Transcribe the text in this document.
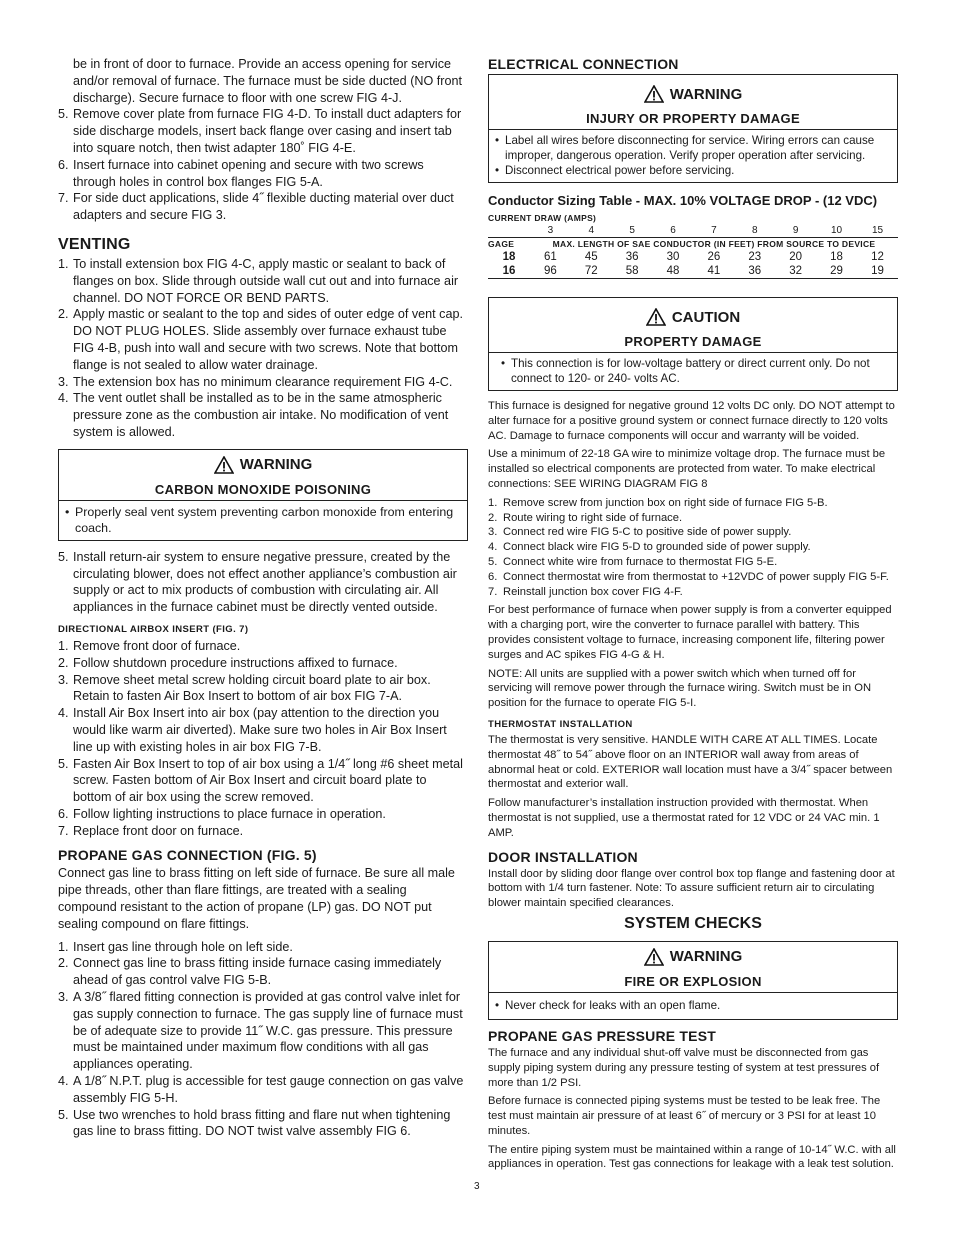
be in front of door to furnace. Provide an access opening for service and/or removal of furnace. The furnace must be side ducted (NO front discharge). Secure furnace to floor with one screw FIG 4-J.

5. Remove cover plate from furnace FIG 4-D. To install duct adapters for side discharge models, insert back flange over casing and insert tab into square notch, then twist adapter 180˚ FIG 4-E.
6. Insert furnace into cabinet opening and secure with two screws through holes in control box flanges FIG 5-A.
7. For side duct applications, slide 4˝ flexible ducting material over duct adapters and secure FIG 3.
VENTING
1. To install extension box FIG 4-C, apply mastic or sealant to back of flanges on box. Slide through outside wall cut out and into furnace air channel. DO NOT FORCE OR BEND PARTS.
2. Apply mastic or sealant to the top and sides of outer edge of vent cap. DO NOT PLUG HOLES. Slide assembly over furnace exhaust tube FIG 4-B, push into wall and secure with two screws. Note that bottom flange is not sealed to allow water drainage.
3. The extension box has no minimum clearance requirement FIG 4-C.
4. The vent outlet shall be installed as to be in the same atmospheric pressure zone as the combustion air intake. No modification of vent system is allowed.
WARNING
CARBON MONOXIDE POISONING
• Properly seal vent system preventing carbon monoxide from entering coach.
5. Install return-air system to ensure negative pressure, created by the circulating blower, does not effect another appliance’s combustion air supply or act to mix products of combustion with circulating air. All appliances in the furnace cabinet must be directly vented outside.
DIRECTIONAL AIRBOX INSERT (FIG. 7)
1. Remove front door of furnace.
2. Follow shutdown procedure instructions affixed to furnace.
3. Remove sheet metal screw holding circuit board plate to air box. Retain to fasten Air Box Insert to bottom of air box FIG 7-A.
4. Install Air Box Insert into air box (pay attention to the direction you would like warm air diverted). Make sure two holes in Air Box Insert line up with existing holes in air box FIG 7-B.
5. Fasten Air Box Insert to top of air box using a 1/4˝ long #6 sheet metal screw. Fasten bottom of Air Box Insert and circuit board plate to bottom of air box using the screw removed.
6. Follow lighting instructions to place furnace in operation.
7. Replace front door on furnace.
PROPANE GAS CONNECTION (FIG. 5)

Connect gas line to brass fitting on left side of furnace. Be sure all male pipe threads, other than flare fittings, are treated with a sealing compound resistant to the action of propane (LP) gas. DO NOT put sealing compound on flare fittings.

1. Insert gas line through hole on left side.
2. Connect gas line to brass fitting inside furnace casing immediately ahead of gas control valve FIG 5-B.
3. A 3/8˝ flared fitting connection is provided at gas control valve inlet for gas supply connection to furnace. The gas supply line of furnace must be of adequate size to provide 11˝ W.C. gas pressure. This pressure must be maintained under maximum flow conditions with all gas appliances operating.
4. A 1/8˝ N.P.T. plug is accessible for test gauge connection on gas valve assembly FIG 5-H.
5. Use two wrenches to hold brass fitting and flare nut when tightening gas line to brass fitting. DO NOT twist valve assembly FIG 6.
ELECTRICAL CONNECTION
WARNING
INJURY OR PROPERTY DAMAGE
• Label all wires before disconnecting for service. Wiring errors can cause improper, dangerous operation. Verify proper operation after servicing.
• Disconnect electrical power before servicing.
Conductor Sizing Table - MAX. 10% VOLTAGE DROP - (12 VDC)
CURRENT DRAW (AMPS)									
	3	4	5	6	7	8	9	10	15
GAGE	MAX. LENGTH OF SAE CONDUCTOR (IN FEET) FROM SOURCE TO DEVICE								
18	61	45	36	30	26	23	20	18	12
16	96	72	58	48	41	36	32	29	19
CAUTION
PROPERTY DAMAGE
• This connection is for low-voltage battery or direct current only. Do not connect to 120- or 240- volts AC.

This furnace is designed for negative ground 12 volts DC only. DO NOT attempt to alter furnace for a positive ground system or connect furnace directly to 120 volts AC. Damage to furnace components will occur and warranty will be voided.

Use a minimum of 22-18 GA wire to minimize voltage drop. The furnace must be installed so electrical components are protected from water. To make electrical connections: SEE WIRING DIAGRAM FIG 8

1. Remove screw from junction box on right side of furnace FIG 5-B.
2. Route wiring to right side of furnace.
3. Connect red wire FIG 5-C to positive side of power supply.
4. Connect black wire FIG 5-D to grounded side of power supply.
5. Connect white wire from furnace to thermostat FIG 5-E.
6. Connect thermostat wire from thermostat to +12VDC of power supply FIG 5-F.
7. Reinstall junction box cover FIG 4-F.

For best performance of furnace when power supply is from a converter equipped with a charging port, wire the converter to furnace parallel with battery. This provides consistent voltage to furnace, increasing component life, filtering power surges and AC spikes FIG 4-G & H.

NOTE: All units are supplied with a power switch which when turned off for servicing will remove power through the furnace wiring. Switch must be in ON position for the furnace to operate FIG 5-I.

THERMOSTAT INSTALLATION

The thermostat is very sensitive. HANDLE WITH CARE AT ALL TIMES. Locate thermostat 48˝ to 54˝ above floor on an INTERIOR wall away from areas of abnormal heat or cold. EXTERIOR wall location must have a 3/4˝ spacer between thermostat and exterior wall.

Follow manufacturer’s installation instruction provided with thermostat. When thermostat is not supplied, use a thermostat rated for 12 VDC or 24 VAC min. 1 AMP.

DOOR INSTALLATION

Install door by sliding door flange over control box top flange and fastening door at bottom with 1/4 turn fastener. Note: To assure sufficient return air to circulating blower maintain specified clearances.

SYSTEM CHECKS
WARNING
FIRE OR EXPLOSION
• Never check for leaks with an open flame.
PROPANE GAS PRESSURE TEST

The furnace and any individual shut-off valve must be disconnected from gas supply piping system during any pressure testing of system at test pressures of more than 1/2 PSI.

Before furnace is connected piping systems must be tested to be leak free. The test must maintain air pressure of at least 6˝ of mercury or 3 PSI for at least 10 minutes.

The entire piping system must be maintained within a range of 10-14˝ W.C. with all appliances in operation. Test gas connections for leakage with a leak test solution.

3
